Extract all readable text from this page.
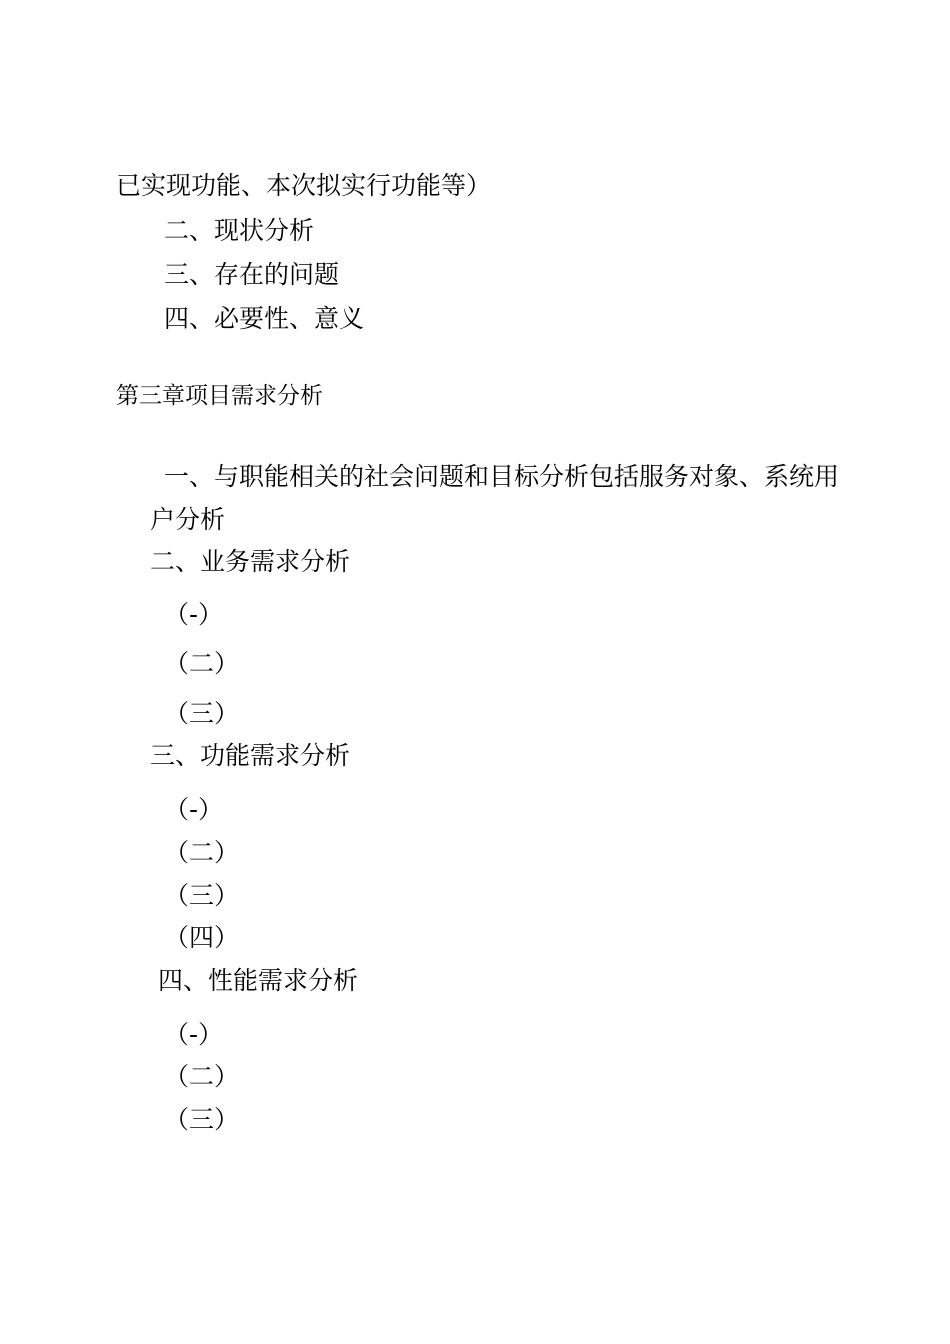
已实现功能、本次拟实行功能等）
二、现状分析
三、存在的问题
四、必要性、意义
第三章项目需求分析
一、与职能相关的社会问题和目标分析包括服务对象、系统用
户分析
二、业务需求分析
（-）
（二）
（三）
三、功能需求分析
（-）
（二）
（三）
（四）
四、性能需求分析
（-）
（二）
（三）
